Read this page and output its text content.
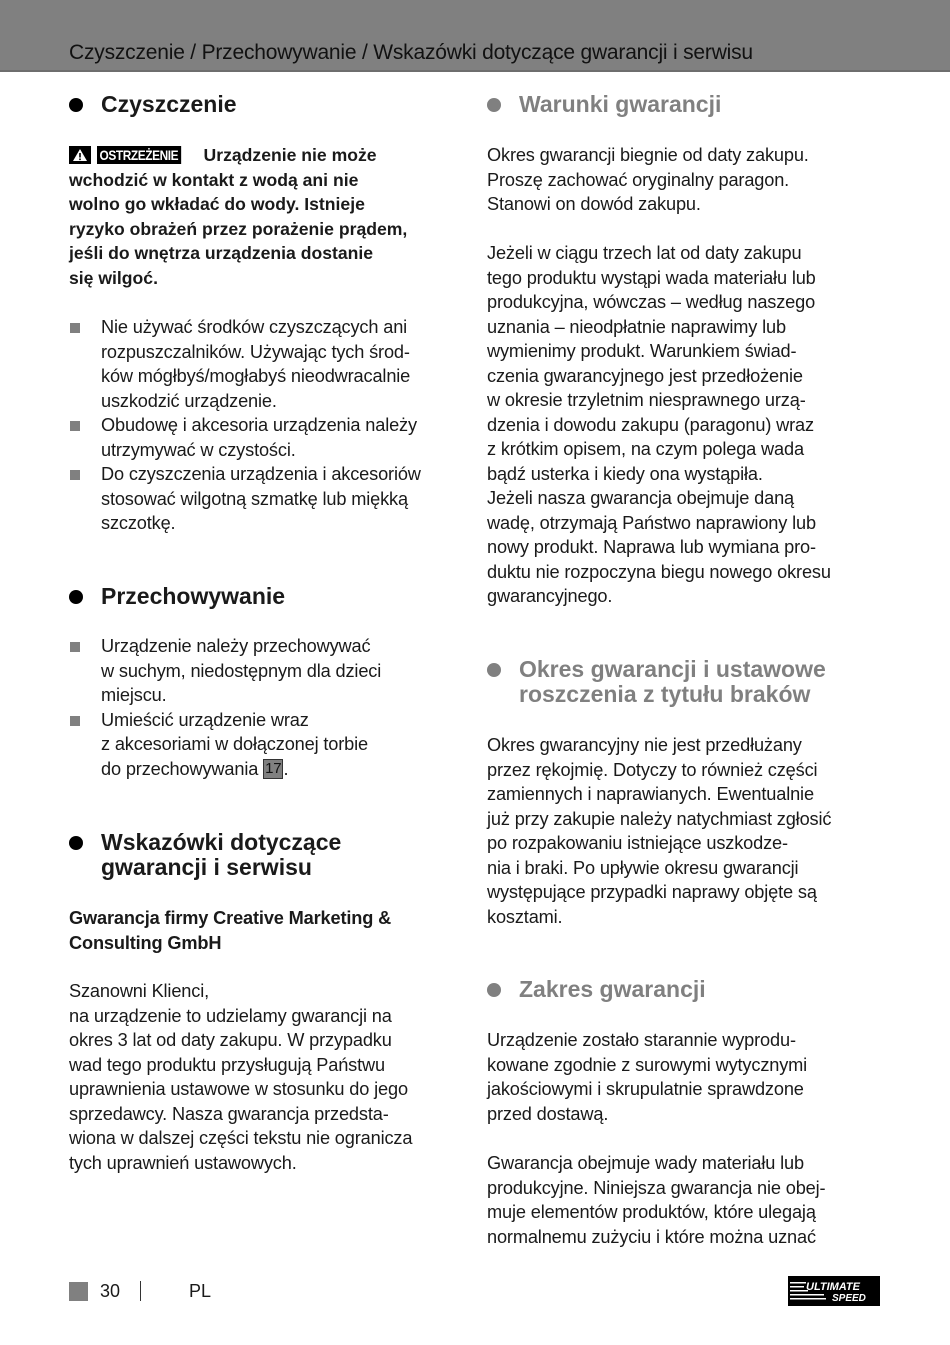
Czyszczenie / Przechowywanie / Wskazówki dotyczące gwarancji i serwisu
Czyszczenie
OSTRZEŻENIE Urządzenie nie może
wchodzić w kontakt z wodą ani nie
wolno go wkładać do wody. Istnieje
ryzyko obrażeń przez porażenie prądem,
jeśli do wnętrza urządzenia dostanie
się wilgoć.
Nie używać środków czyszczących ani
rozpuszczalników. Używając tych środ-
ków mógłbyś/mogłabyś nieodwracalnie
uszkodzić urządzenie.
Obudowę i akcesoria urządzenia należy
utrzymywać w czystości.
Do czyszczenia urządzenia i akcesoriów
stosować wilgotną szmatkę lub miękką
szczotkę.
Przechowywanie
Urządzenie należy przechowywać
w suchym, niedostępnym dla dzieci
miejscu.
Umieścić urządzenie wraz
z akcesoriami w dołączonej torbie
do przechowywania 17 .
Wskazówki dotyczące
gwarancji i serwisu
Gwarancja firmy Creative Marketing &
Consulting GmbH
Szanowni Klienci,
na urządzenie to udzielamy gwarancji na
okres 3 lat od daty zakupu. W przypadku
wad tego produktu przysługują Państwu
uprawnienia ustawowe w stosunku do jego
sprzedawcy. Nasza gwarancja przedsta-
wiona w dalszej części tekstu nie ogranicza
tych uprawnień ustawowych.
Warunki gwarancji
Okres gwarancji biegnie od daty zakupu.
Proszę zachować oryginalny paragon.
Stanowi on dowód zakupu.
Jeżeli w ciągu trzech lat od daty zakupu
tego produktu wystąpi wada materiału lub
produkcyjna, wówczas – według naszego
uznania – nieodpłatnie naprawimy lub
wymienimy produkt. Warunkiem świad-
czenia gwarancyjnego jest przedłożenie
w okresie trzyletnim niesprawnego urzą-
dzenia i dowodu zakupu (paragonu) wraz
z krótkim opisem, na czym polega wada
bądź usterka i kiedy ona wystąpiła.
Jeżeli nasza gwarancja obejmuje daną
wadę, otrzymają Państwo naprawiony lub
nowy produkt. Naprawa lub wymiana pro-
duktu nie rozpoczyna biegu nowego okresu
gwarancyjnego.
Okres gwarancji i ustawowe
roszczenia z tytułu braków
Okres gwarancyjny nie jest przedłużany
przez rękojmię. Dotyczy to również części
zamiennych i naprawianych. Ewentualnie
już przy zakupie należy natychmiast zgłosić
po rozpakowaniu istniejące uszkodze-
nia i braki. Po upływie okresu gwarancji
występujące przypadki naprawy objęte są
kosztami.
Zakres gwarancji
Urządzenie zostało starannie wyprodu-
kowane zgodnie z surowymi wytycznymi
jakościowymi i skrupulatnie sprawdzone
przed dostawą.
Gwarancja obejmuje wady materiału lub
produkcyjne. Niniejsza gwarancja nie obej-
muje elementów produktów, które ulegają
normalnemu zużyciu i które można uznać
30	PL	ULTIMATE
SPEED
